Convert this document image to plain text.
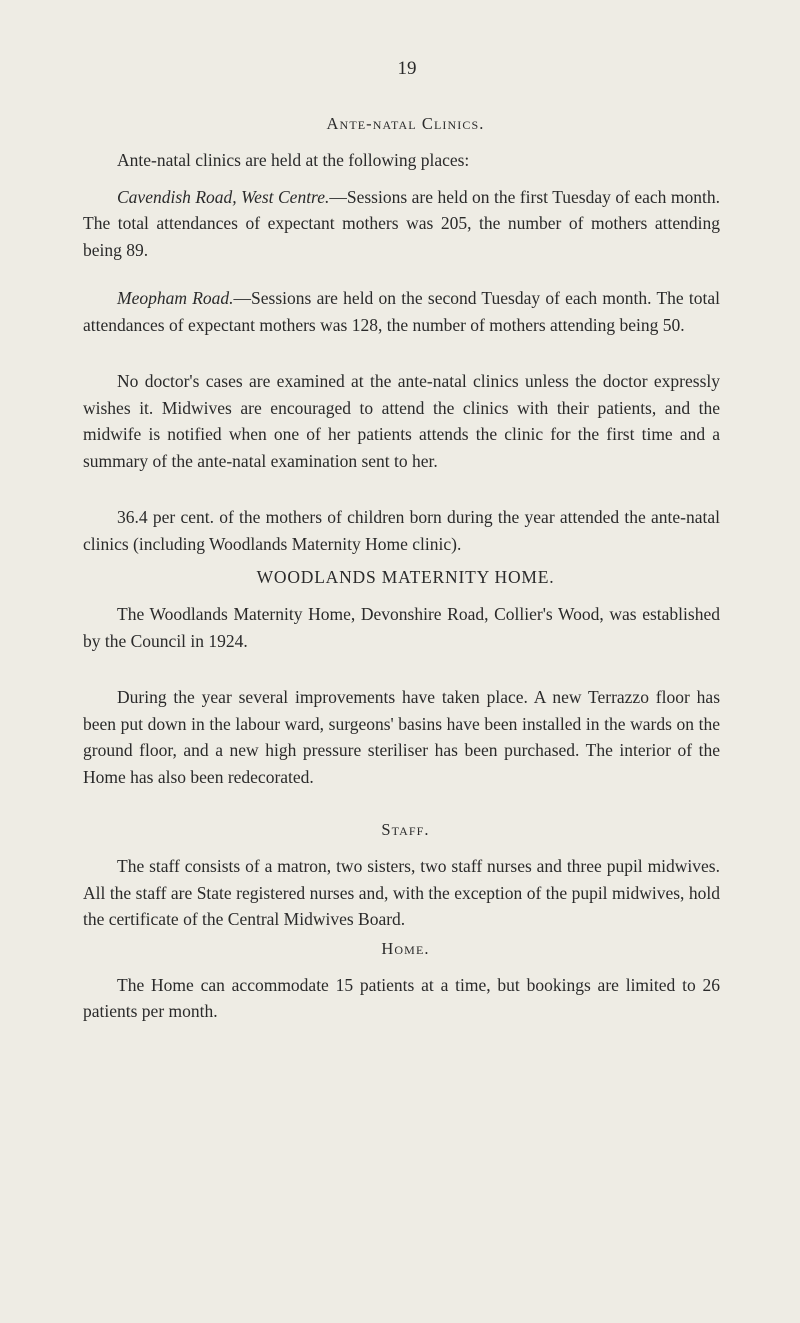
19
Ante-natal Clinics.

Ante-natal clinics are held at the following places:

Cavendish Road, West Centre.—Sessions are held on the first Tuesday of each month. The total attendances of expectant mothers was 205, the number of mothers attending being 89.

Meopham Road.—Sessions are held on the second Tuesday of each month. The total attendances of expectant mothers was 128, the number of mothers attending being 50.

No doctor's cases are examined at the ante-natal clinics unless the doctor expressly wishes it. Midwives are encouraged to attend the clinics with their patients, and the midwife is notified when one of her patients attends the clinic for the first time and a summary of the ante-natal examination sent to her.

36.4 per cent. of the mothers of children born during the year attended the ante-natal clinics (including Woodlands Maternity Home clinic).

WOODLANDS MATERNITY HOME.

The Woodlands Maternity Home, Devonshire Road, Collier's Wood, was established by the Council in 1924.

During the year several improvements have taken place. A new Terrazzo floor has been put down in the labour ward, surgeons' basins have been installed in the wards on the ground floor, and a new high pressure steriliser has been purchased. The interior of the Home has also been redecorated.

Staff.

The staff consists of a matron, two sisters, two staff nurses and three pupil midwives. All the staff are State registered nurses and, with the exception of the pupil midwives, hold the certificate of the Central Midwives Board.

Home.

The Home can accommodate 15 patients at a time, but bookings are limited to 26 patients per month.
